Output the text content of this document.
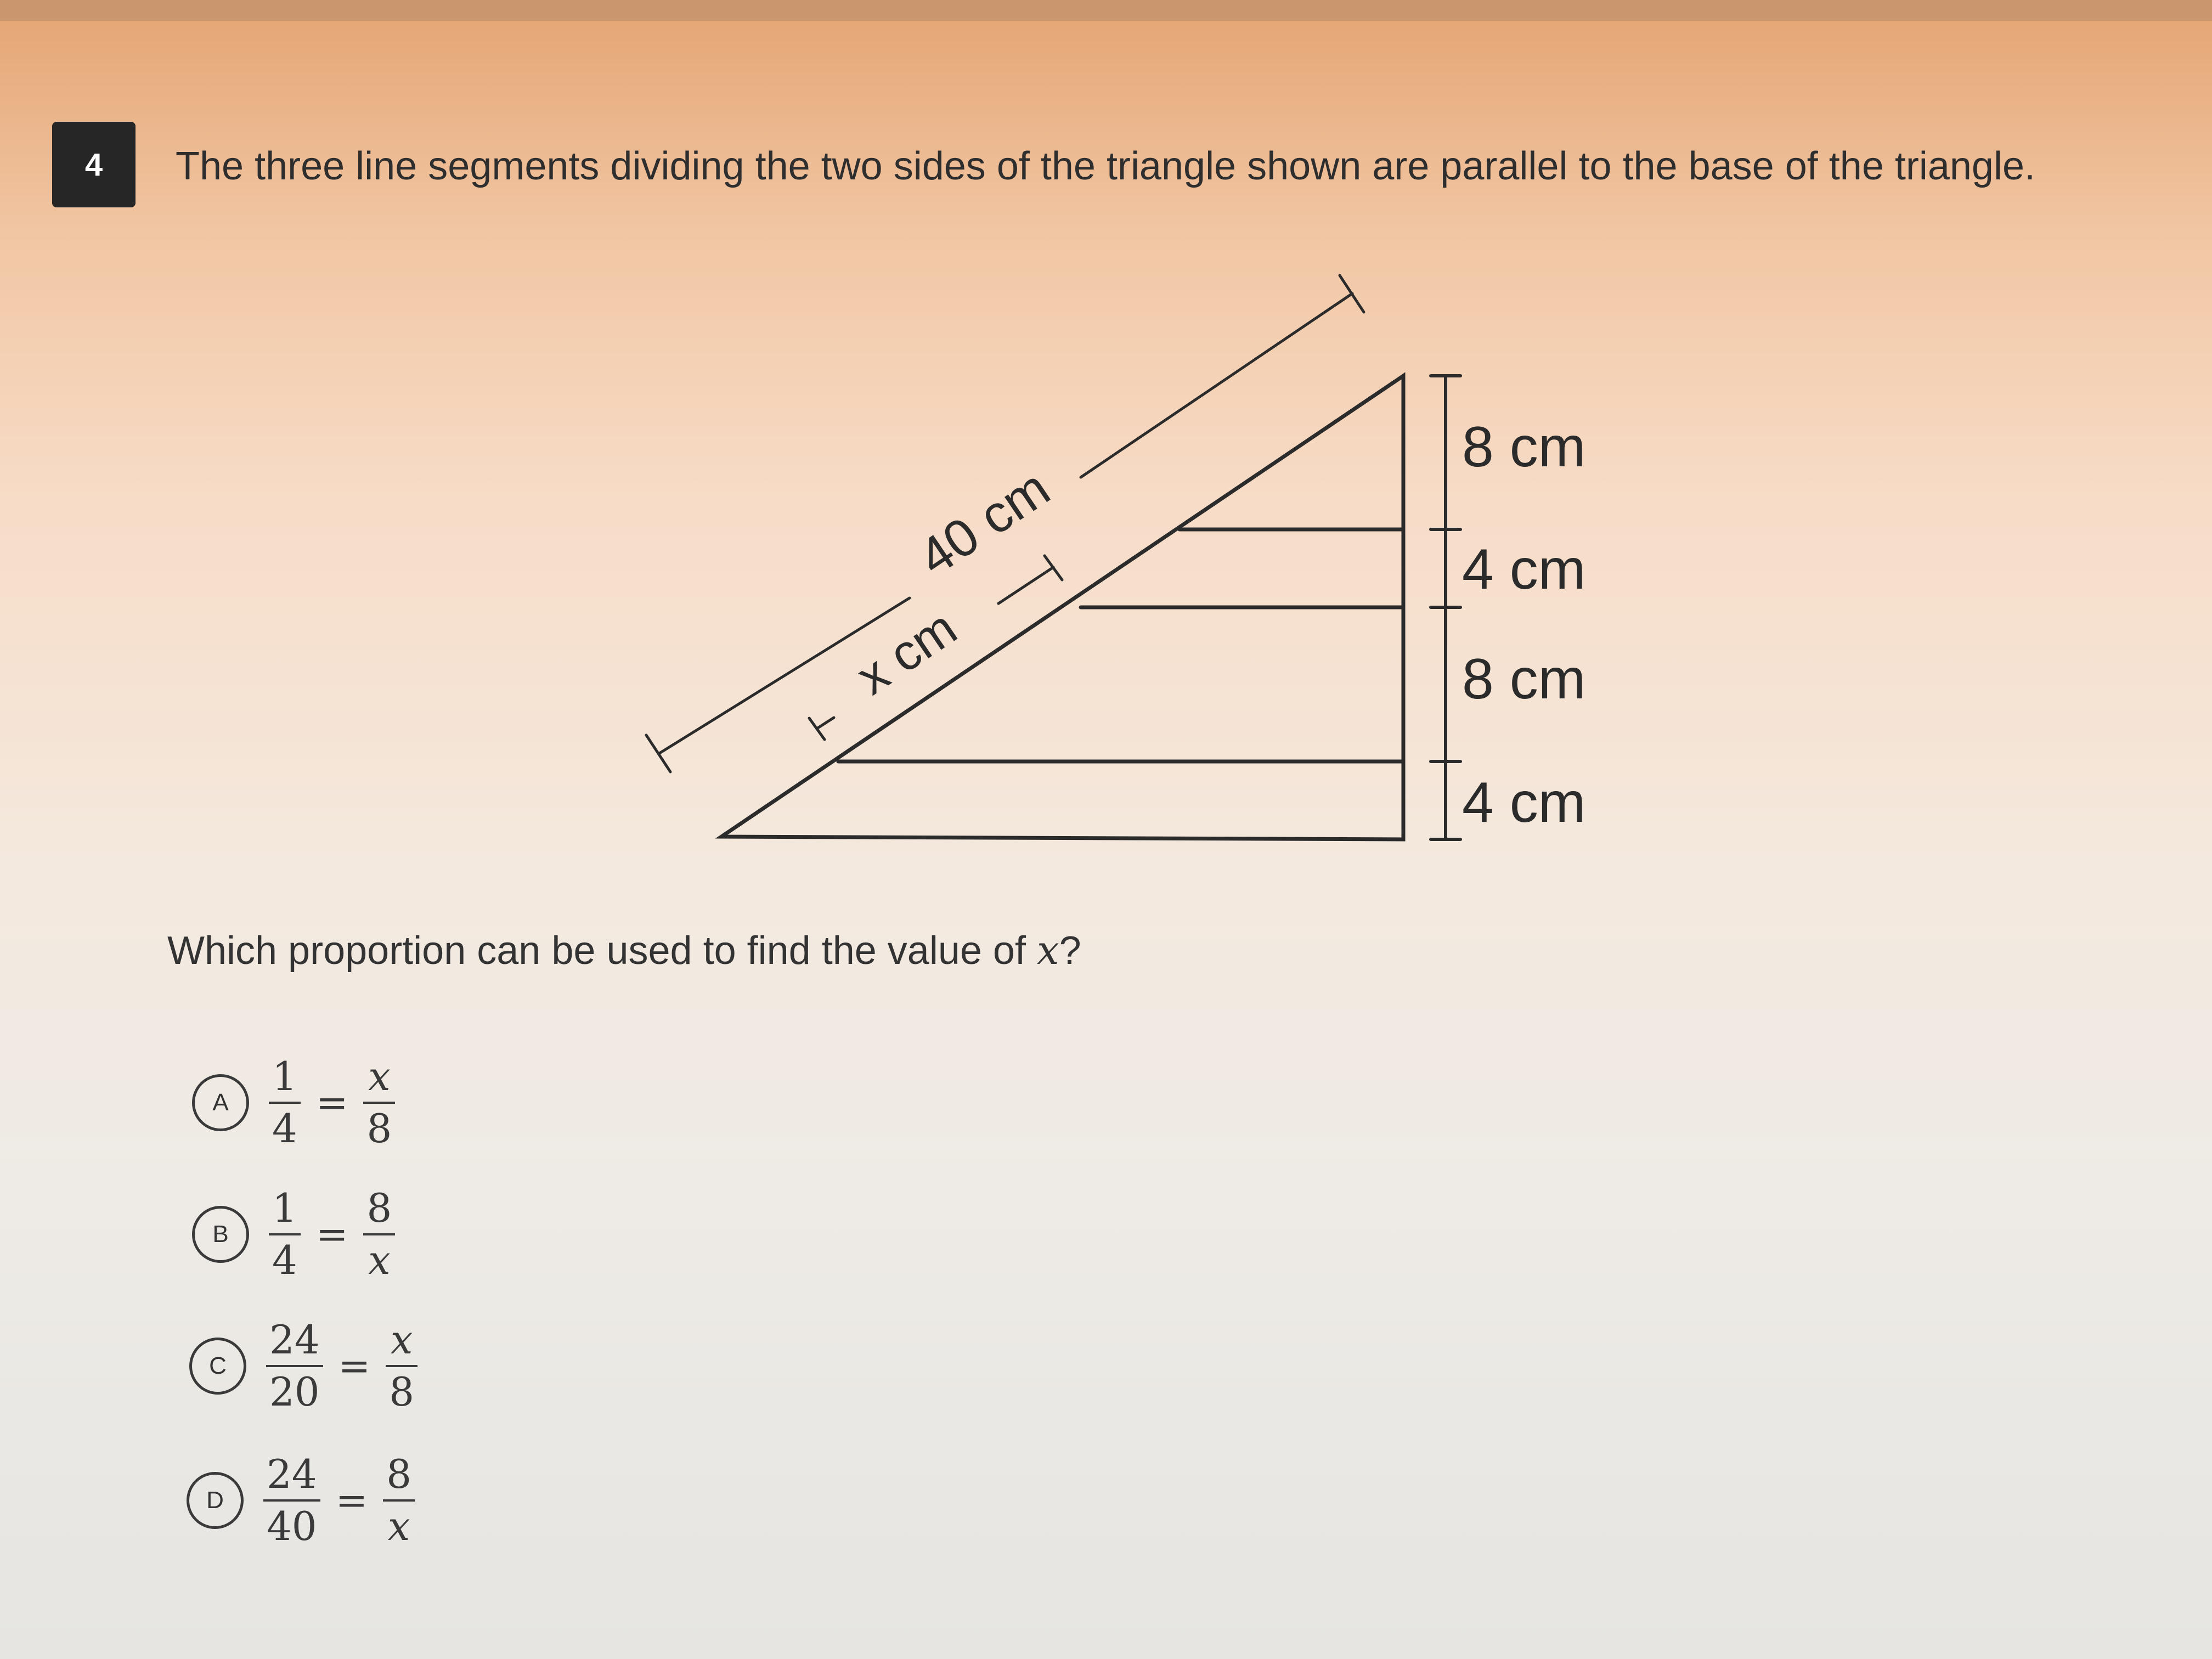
4 The three line segments dividing the two sides of the triangle shown are parallel to the base of the triangle.
40 cm
x cm
8 cm
4 cm
8 cm
4 cm
Which proportion can be used to find the value of x?
A $\frac{1}{4} = \frac{x}{8}$
B $\frac{1}{4} = \frac{8}{x}$
C $\frac{24}{20} = \frac{x}{8}$
D $\frac{24}{40} = \frac{8}{x}$
